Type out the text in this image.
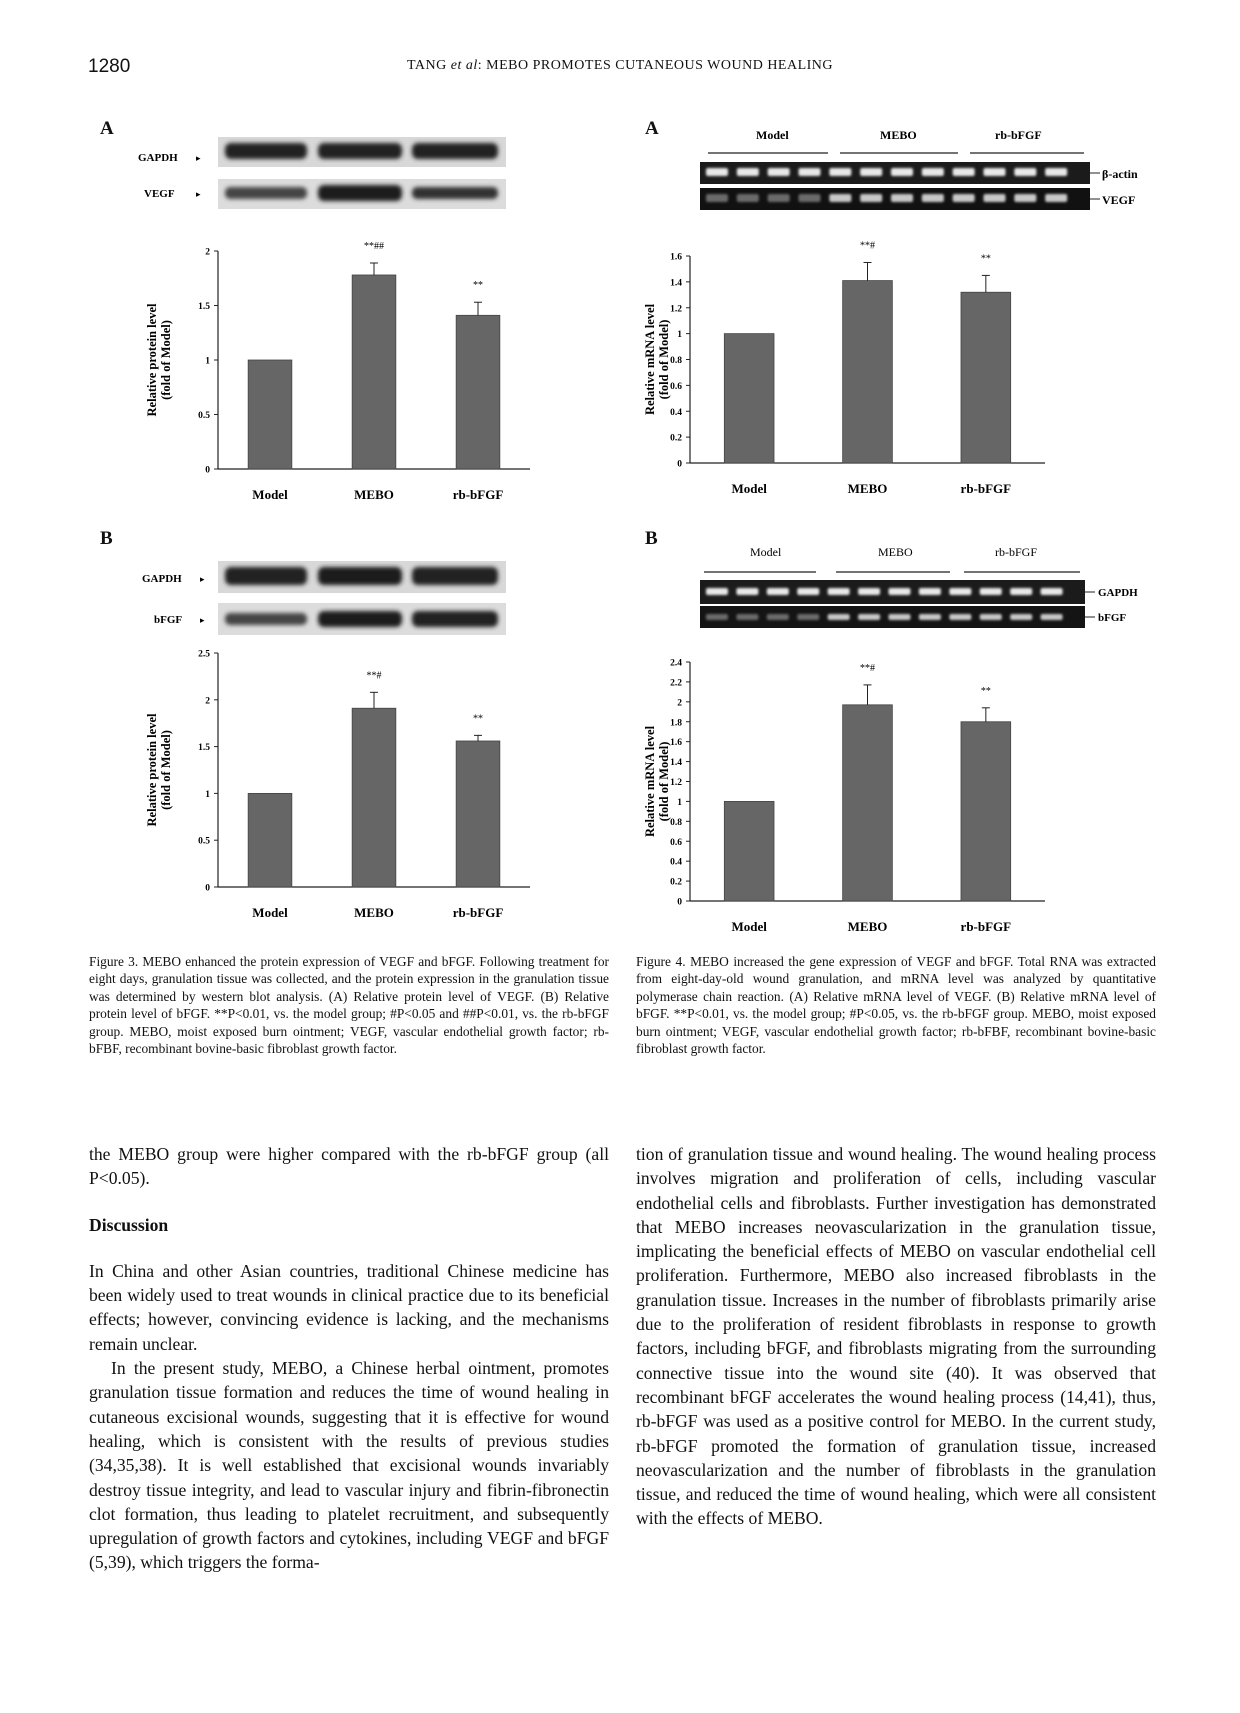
1280	TANG et al: MEBO PROMOTES CUTANEOUS WOUND HEALING
A
GAPDH ▸
VEGF ▸
0
0.5
1
1.5
2
Model
**##
MEBO
**
rb-bFGF
Relative protein level (fold of Model)
A	Model	MEBO	rb-bFGF
β-actin
VEGF
0
0.2
0.4
0.6
0.8
1
1.2
1.4
1.6
Model
**#
MEBO
**
rb-bFGF
Relative mRNA level (fold of Model)
B
GAPDH ▸
bFGF ▸
0
0.5
1
1.5
2
2.5
Model
**#
MEBO
**
rb-bFGF
Relative protein level (fold of Model)
B
Model	MEBO	rb-bFGF
GAPDH
bFGF
0
0.2
0.4
0.6
0.8
1
1.2
1.4
1.6
1.8
2
2.2
2.4
Model
**#
MEBO
**
rb-bFGF
Relative mRNA level (fold of Model)
Figure 3. MEBO enhanced the protein expression of VEGF and bFGF. Following treatment for eight days, granulation tissue was collected, and the protein expression in the granulation tissue was determined by western blot analysis. (A) Relative protein level of VEGF. (B) Relative protein level of bFGF. **P<0.01, vs. the model group; #P<0.05 and ##P<0.01, vs. the rb-bFGF group. MEBO, moist exposed burn ointment; VEGF, vascular endothelial growth factor; rb-bFBF, recombinant bovine-basic fibroblast growth factor.
Figure 4. MEBO increased the gene expression of VEGF and bFGF. Total RNA was extracted from eight-day-old wound granulation, and mRNA level was analyzed by quantitative polymerase chain reaction. (A) Relative mRNA level of VEGF. (B) Relative mRNA level of bFGF. **P<0.01, vs. the model group; #P<0.05, vs. the rb-bFGF group. MEBO, moist exposed burn ointment; VEGF, vascular endothelial growth factor; rb-bFBF, recombinant bovine-basic fibroblast growth factor.

the MEBO group were higher compared with the rb-bFGF group (all P<0.05).

Discussion

In China and other Asian countries, traditional Chinese medicine has been widely used to treat wounds in clinical practice due to its beneficial effects; however, convincing evidence is lacking, and the mechanisms remain unclear.

In the present study, MEBO, a Chinese herbal ointment, promotes granulation tissue formation and reduces the time of wound healing in cutaneous excisional wounds, suggesting that it is effective for wound healing, which is consistent with the results of previous studies (34,35,38). It is well established that excisional wounds invariably destroy tissue integrity, and lead to vascular injury and fibrin-fibronectin clot formation, thus leading to platelet recruitment, and subsequently upregulation of growth factors and cytokines, including VEGF and bFGF (5,39), which triggers the forma-

tion of granulation tissue and wound healing. The wound healing process involves migration and proliferation of cells, including vascular endothelial cells and fibroblasts. Further investigation has demonstrated that MEBO increases neovascularization in the granulation tissue, implicating the beneficial effects of MEBO on vascular endothelial cell proliferation. Furthermore, MEBO also increased fibroblasts in the granulation tissue. Increases in the number of fibroblasts primarily arise due to the proliferation of resident fibroblasts in response to growth factors, including bFGF, and fibroblasts migrating from the surrounding connective tissue into the wound site (40). It was observed that recombinant bFGF accelerates the wound healing process (14,41), thus, rb-bFGF was used as a positive control for MEBO. In the current study, rb-bFGF promoted the formation of granulation tissue, increased neovascularization and the number of fibroblasts in the granulation tissue, and reduced the time of wound healing, which were all consistent with the effects of MEBO.
